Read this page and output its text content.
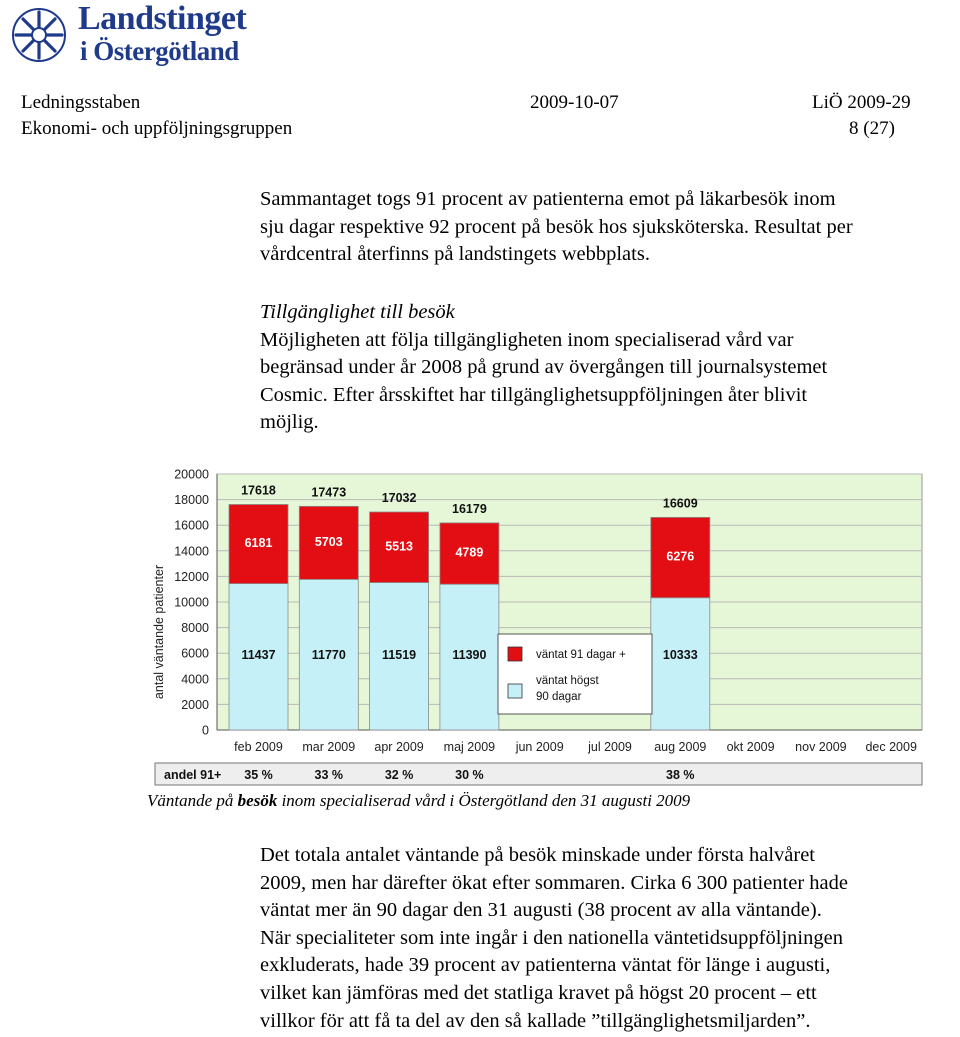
Landstinget
i Östergötland
Ledningsstaben
Ekonomi- och uppföljningsgruppen
2009-10-07	LiÖ 2009-29
8 (27)
Sammantaget togs 91 procent av patienterna emot på läkarbesök inom
sju dagar respektive 92 procent på besök hos sjuksköterska. Resultat per
vårdcentral återfinns på landstingets webbplats.
Tillgänglighet till besök
Möjligheten att följa tillgängligheten inom specialiserad vård var
begränsad under år 2008 på grund av övergången till journalsystemet
Cosmic. Efter årsskiftet har tillgänglighetsuppföljningen åter blivit
möjlig.
0
2000
4000
6000
8000
10000
12000
14000
16000
18000
20000
antal väntande patienter
feb 2009
11437
6181
17618
mar 2009
11770
5703
17473
apr 2009
11519
5513
17032
maj 2009
11390
4789
16179
jun 2009 jul 2009 aug 2009
10333
6276
16609
okt 2009 nov 2009 dec 2009
väntat 91 dagar +
väntat högst
90 dagar
andel 91+ 35 %	33 %	32 %	30 %	38 %
Väntande på besök inom specialiserad vård i Östergötland den 31 augusti 2009
Det totala antalet väntande på besök minskade under första halvåret
2009, men har därefter ökat efter sommaren. Cirka 6 300 patienter hade
väntat mer än 90 dagar den 31 augusti (38 procent av alla väntande).
När specialiteter som inte ingår i den nationella väntetidsuppföljningen
exkluderats, hade 39 procent av patienterna väntat för länge i augusti,
vilket kan jämföras med det statliga kravet på högst 20 procent – ett
villkor för att få ta del av den så kallade ”tillgänglighetsmiljarden”.
